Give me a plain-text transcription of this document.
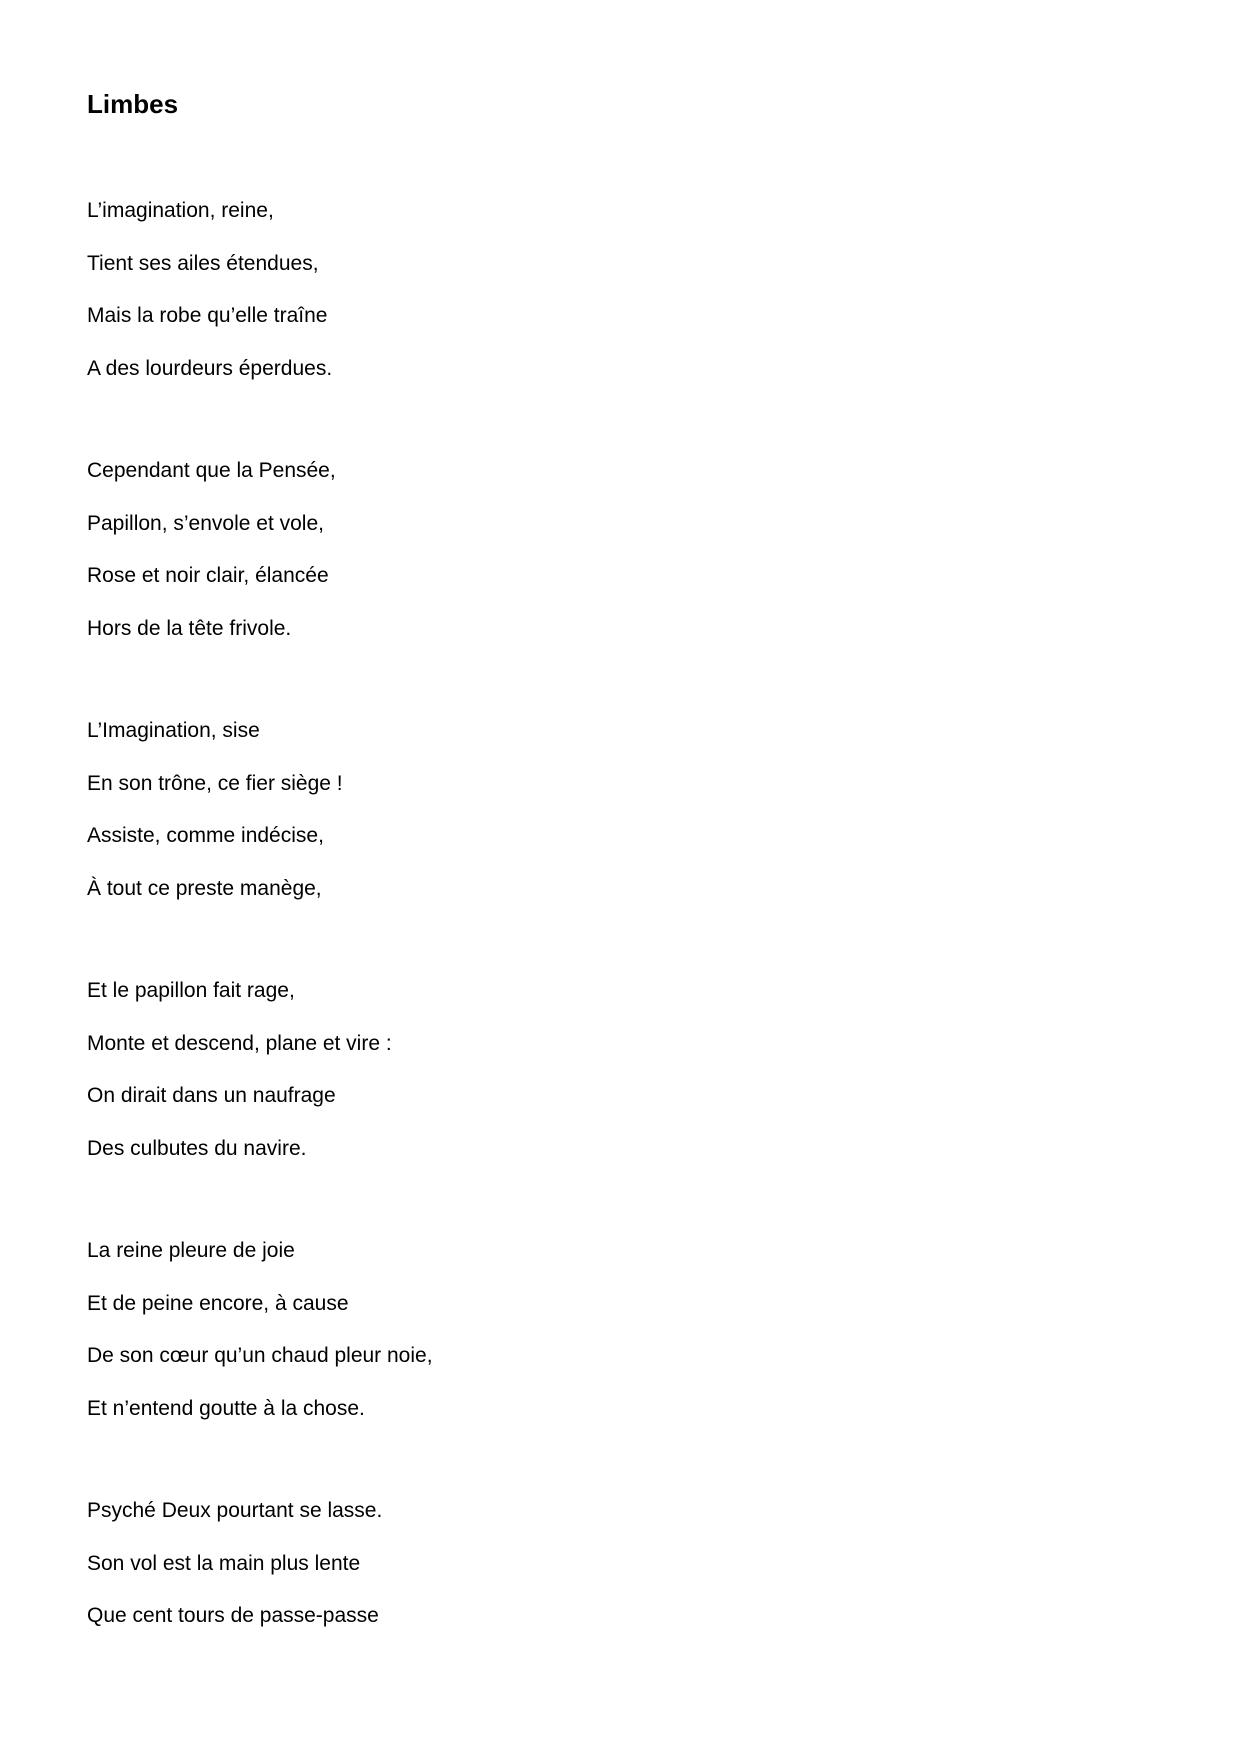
Limbes
L’imagination, reine,
Tient ses ailes étendues,
Mais la robe qu’elle traîne
A des lourdeurs éperdues.
Cependant que la Pensée,
Papillon, s’envole et vole,
Rose et noir clair, élancée
Hors de la tête frivole.
L’Imagination, sise
En son trône, ce fier siège !
Assiste, comme indécise,
À tout ce preste manège,
Et le papillon fait rage,
Monte et descend, plane et vire :
On dirait dans un naufrage
Des culbutes du navire.
La reine pleure de joie
Et de peine encore, à cause
De son cœur qu’un chaud pleur noie,
Et n’entend goutte à la chose.
Psyché Deux pourtant se lasse.
Son vol est la main plus lente
Que cent tours de passe-passe
